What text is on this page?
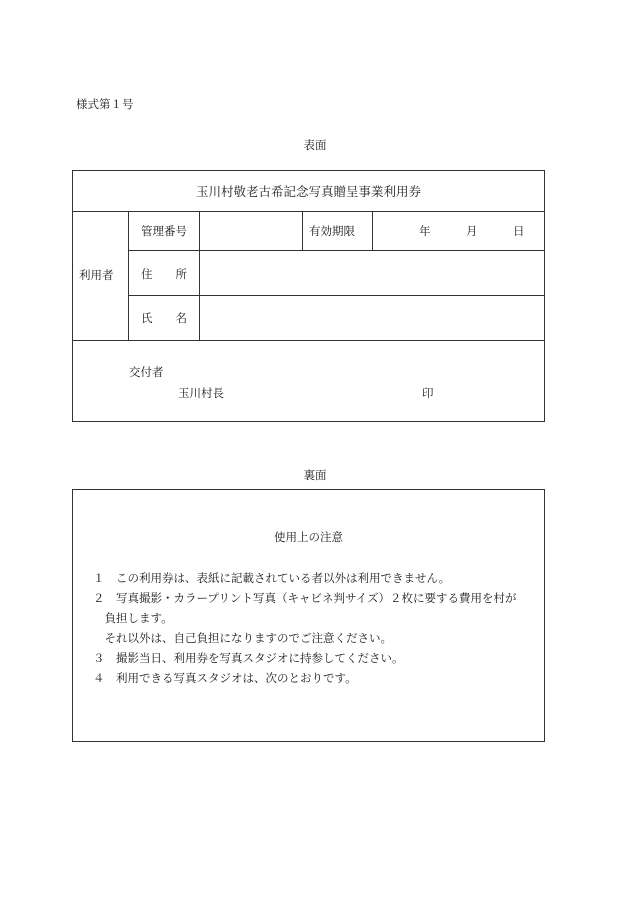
様式第１号
表面
玉川村敬老古希記念写真贈呈事業利用券
利用者
管理番号	有効期限	年	月	日
住　　所
氏　　名
交付者
玉川村長	印
裏面
使用上の注意
１　この利用券は、表紙に記載されている者以外は利用できません。
２　写真撮影・カラープリント写真（キャビネ判サイズ）２枚に要する費用を村が
　負担します。
　それ以外は、自己負担になりますのでご注意ください。
３　撮影当日、利用券を写真スタジオに持参してください。
４　利用できる写真スタジオは、次のとおりです。
